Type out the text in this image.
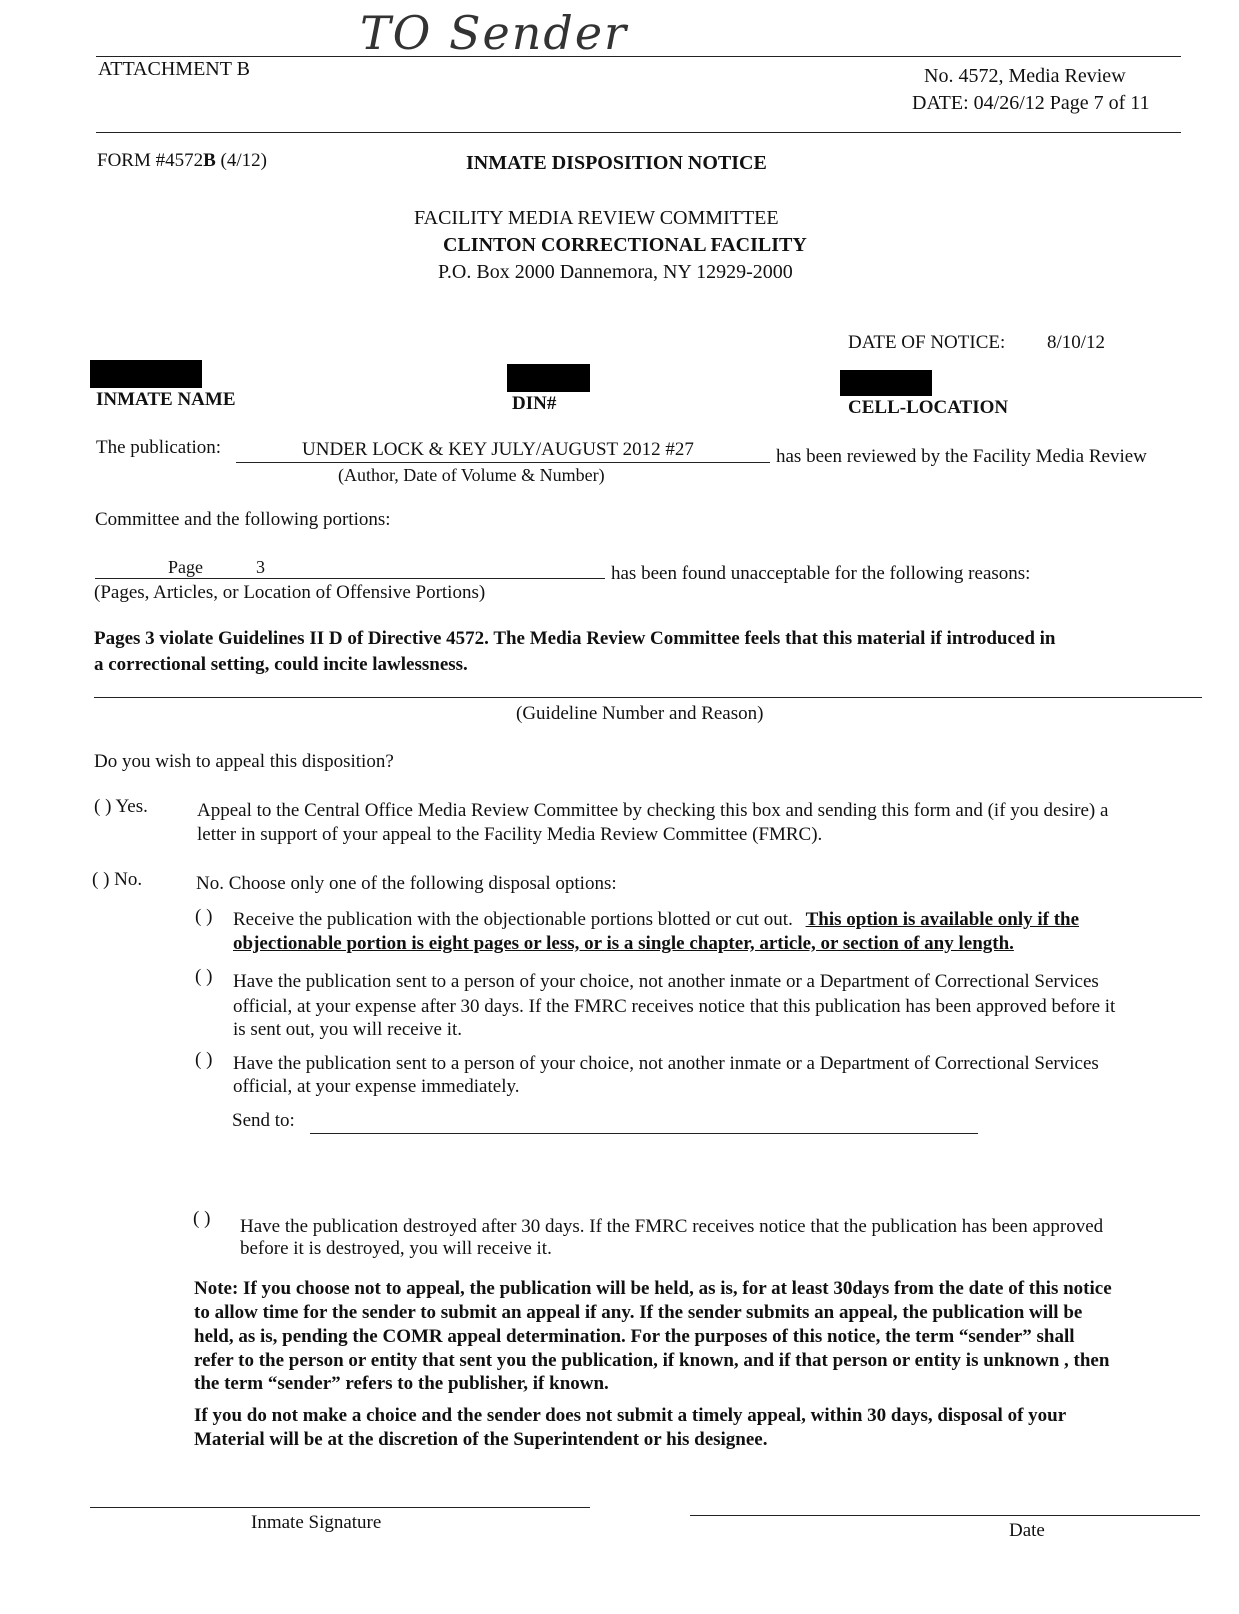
TO Sender
ATTACHMENT B	No. 4572, Media Review
DATE: 04/26/12 Page 7 of 11
FORM #4572B (4/12)	INMATE DISPOSITION NOTICE
FACILITY MEDIA REVIEW COMMITTEE
CLINTON CORRECTIONAL FACILITY
P.O. Box 2000 Dannemora, NY 12929-2000
DATE OF NOTICE: 8/10/12
INMATE NAME	DIN#	CELL-LOCATION
The publication:	UNDER LOCK & KEY JULY/AUGUST 2012 #27	has been reviewed by the Facility Media Review
(Author, Date of Volume & Number)
Committee and the following portions:
Page	3	has been found unacceptable for the following reasons:
(Pages, Articles, or Location of Offensive Portions)
Pages 3 violate Guidelines II D of Directive 4572. The Media Review Committee feels that this material if introduced in
a correctional setting, could incite lawlessness.
(Guideline Number and Reason)
Do you wish to appeal this disposition?
( ) Yes.	Appeal to the Central Office Media Review Committee by checking this box and sending this form and (if you desire) a
letter in support of your appeal to the Facility Media Review Committee (FMRC).
( ) No.	No. Choose only one of the following disposal options:
( ) Receive the publication with the objectionable portions blotted or cut out. This option is available only if the
objectionable portion is eight pages or less, or is a single chapter, article, or section of any length.
( ) Have the publication sent to a person of your choice, not another inmate or a Department of Correctional Services
official, at your expense after 30 days. If the FMRC receives notice that this publication has been approved before it
is sent out, you will receive it.
( ) Have the publication sent to a person of your choice, not another inmate or a Department of Correctional Services
official, at your expense immediately.
Send to:
( ) Have the publication destroyed after 30 days. If the FMRC receives notice that the publication has been approved
before it is destroyed, you will receive it.
Note: If you choose not to appeal, the publication will be held, as is, for at least 30days from the date of this notice
to allow time for the sender to submit an appeal if any. If the sender submits an appeal, the publication will be
held, as is, pending the COMR appeal determination. For the purposes of this notice, the term “sender” shall
refer to the person or entity that sent you the publication, if known, and if that person or entity is unknown , then
the term “sender” refers to the publisher, if known.
If you do not make a choice and the sender does not submit a timely appeal, within 30 days, disposal of your
Material will be at the discretion of the Superintendent or his designee.
Inmate Signature	Date
